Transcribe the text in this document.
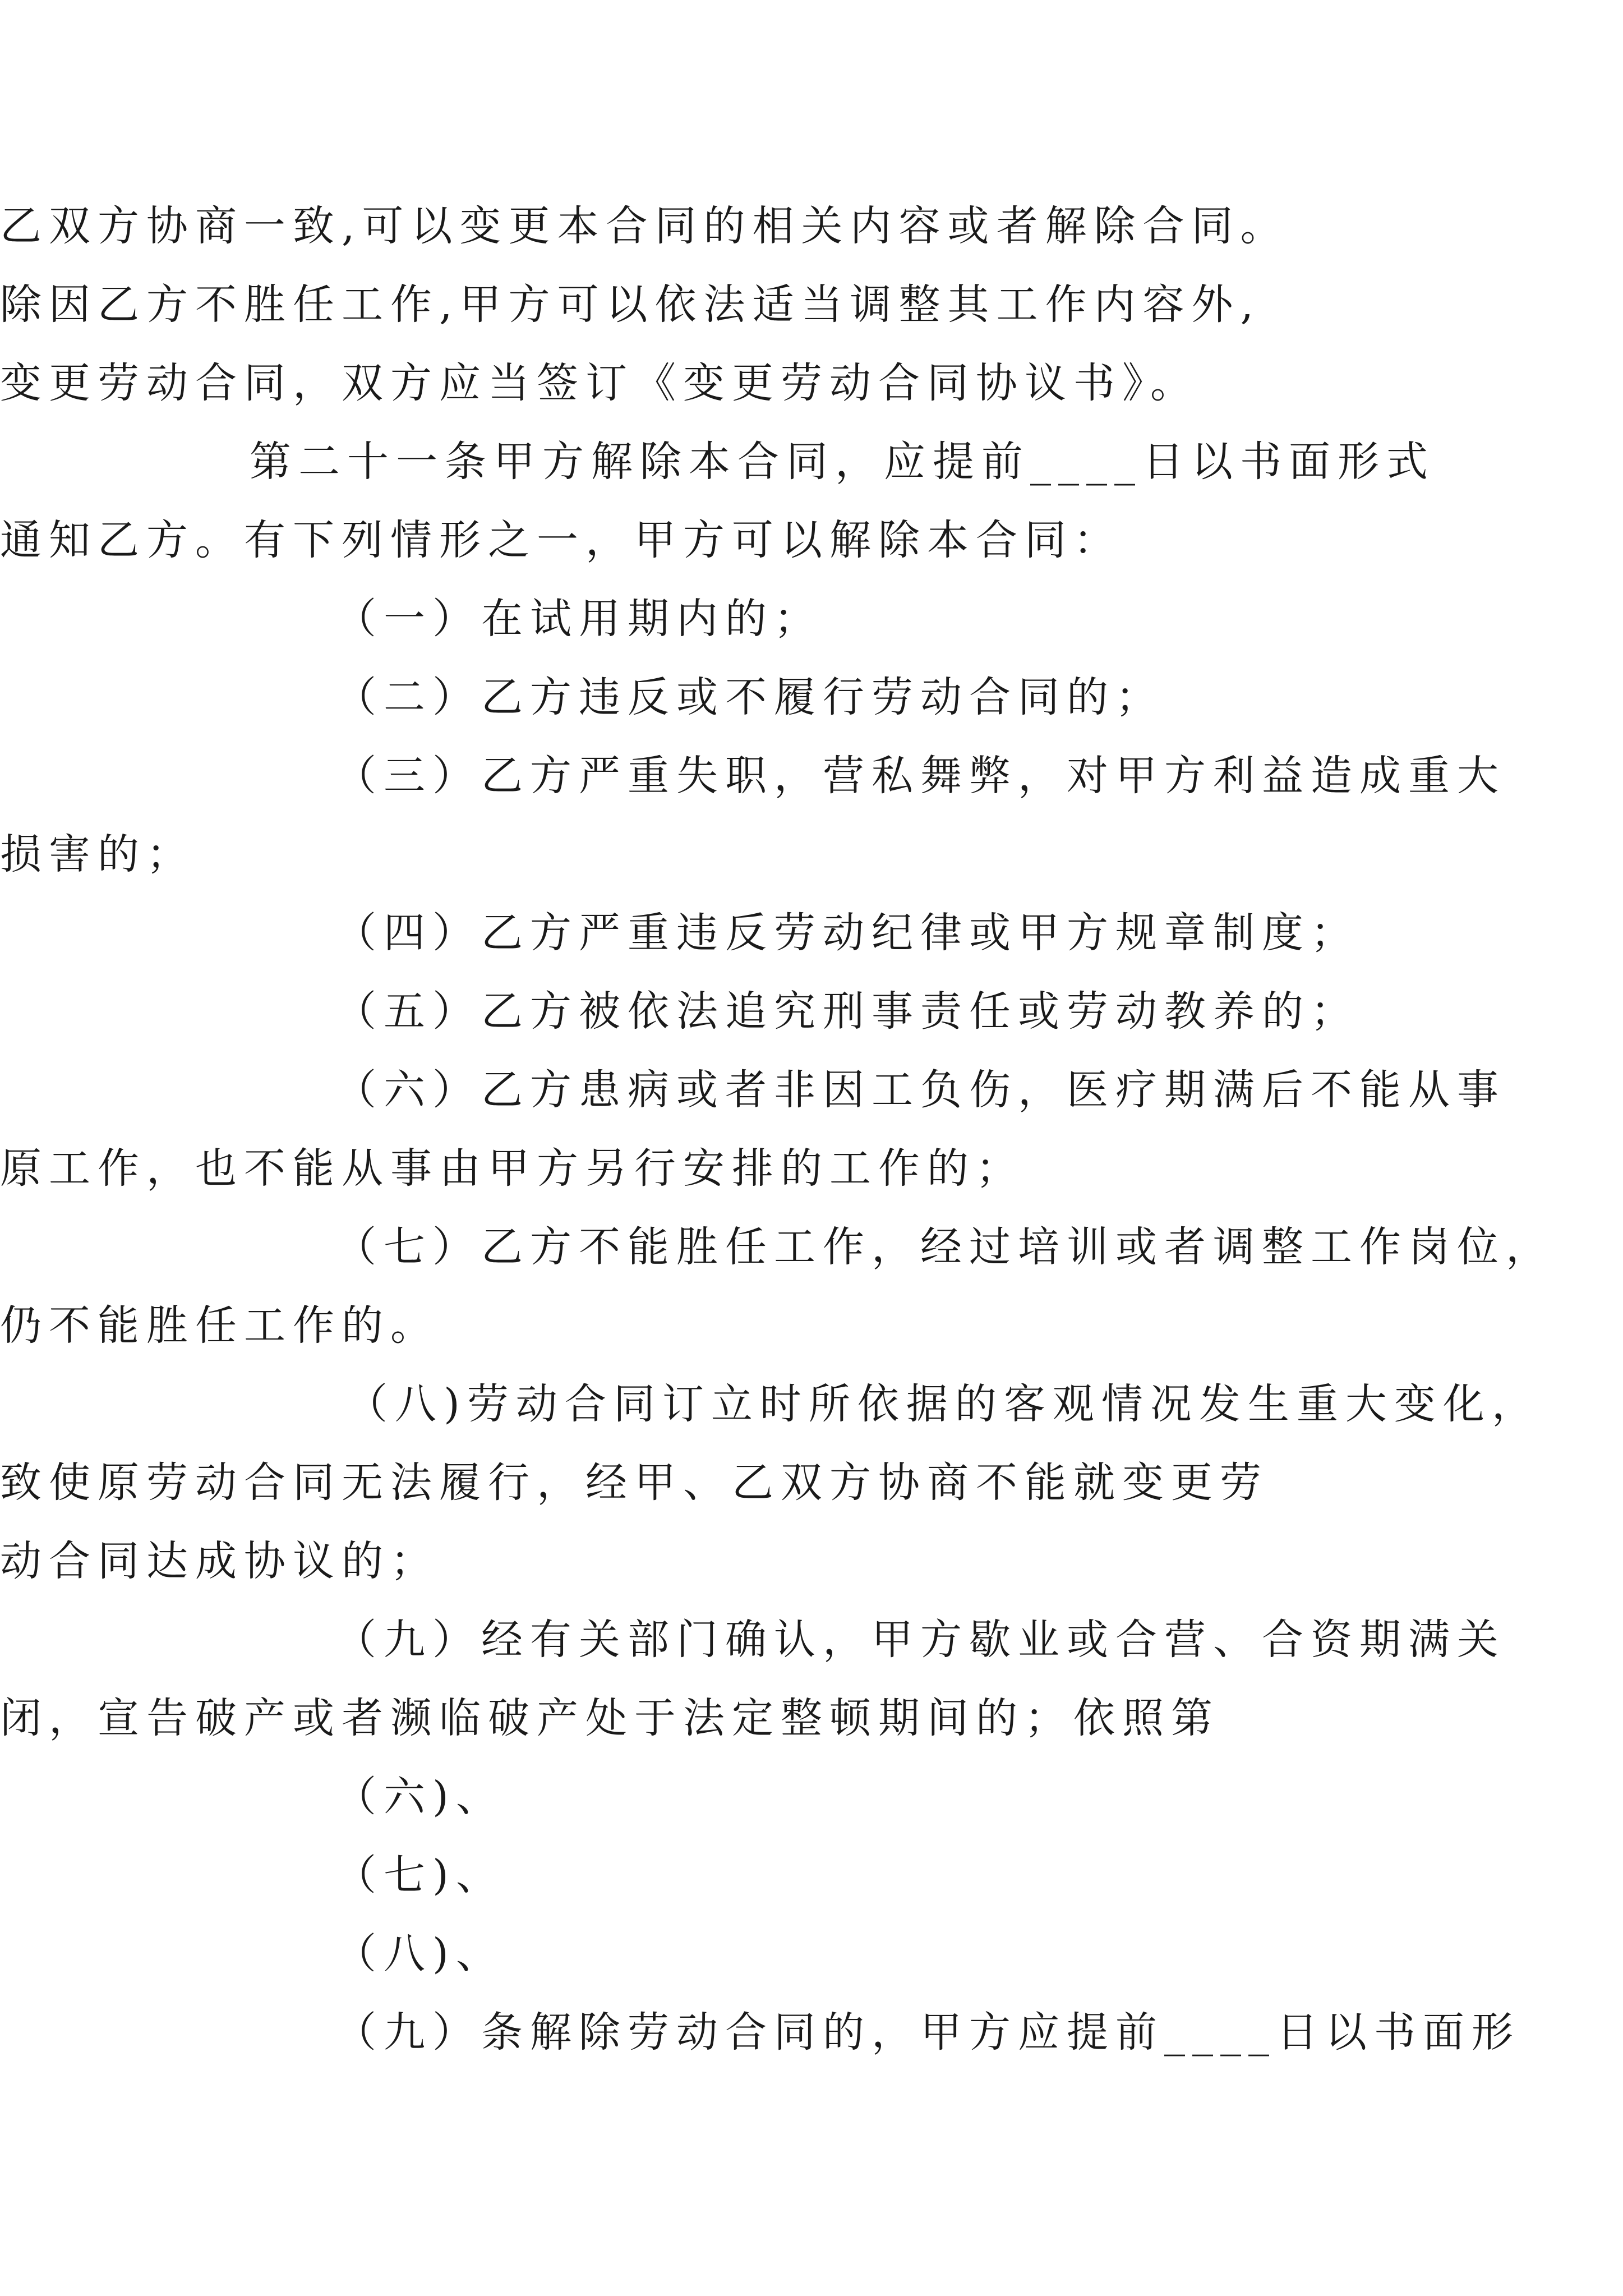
乙双方协商一致,可以变更本合同的相关内容或者解除合同。

除因乙方不胜任工作,甲方可以依法适当调整其工作内容外,

变更劳动合同，双方应当签订《变更劳动合同协议书》。

第二十一条甲方解除本合同，应提前____日以书面形式

通知乙方。有下列情形之一，甲方可以解除本合同：

（一）在试用期内的；

（二）乙方违反或不履行劳动合同的；

（三）乙方严重失职，营私舞弊，对甲方利益造成重大

损害的；

（四）乙方严重违反劳动纪律或甲方规章制度；

（五）乙方被依法追究刑事责任或劳动教养的；

（六）乙方患病或者非因工负伤，医疗期满后不能从事

原工作，也不能从事由甲方另行安排的工作的；

（七）乙方不能胜任工作，经过培训或者调整工作岗位，

仍不能胜任工作的。

（八)劳动合同订立时所依据的客观情况发生重大变化，

致使原劳动合同无法履行，经甲、乙双方协商不能就变更劳

动合同达成协议的；

（九）经有关部门确认，甲方歇业或合营、合资期满关

闭，宣告破产或者濒临破产处于法定整顿期间的；依照第

（六)、

（七)、

（八)、

（九）条解除劳动合同的，甲方应提前____日以书面形
